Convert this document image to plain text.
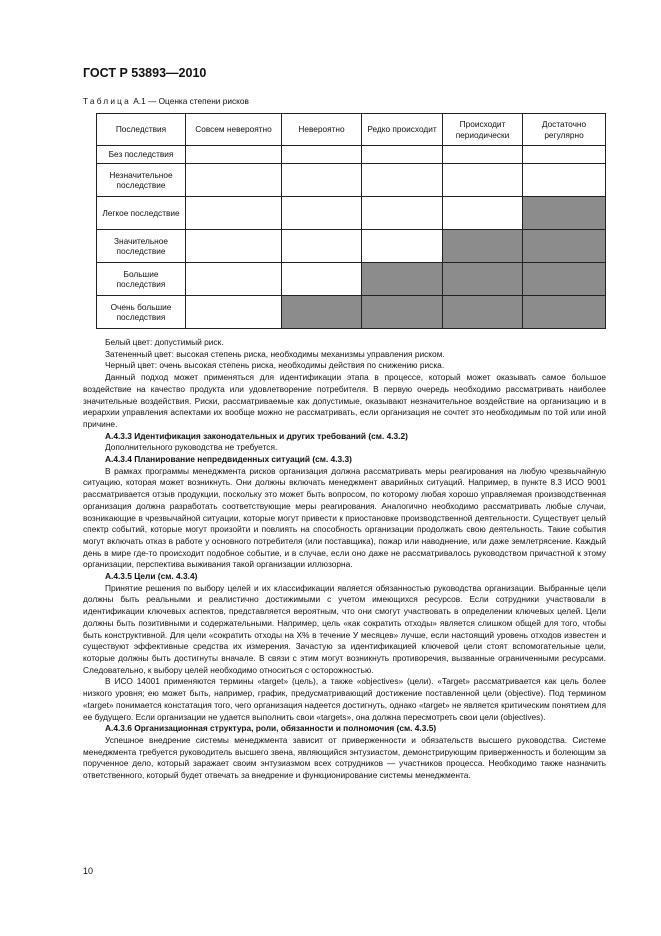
ГОСТ Р 53893—2010
Таблица А.1 — Оценка степени рисков
Последствия	Совсем невероятно	Невероятно	Редко происходит	Происходит периодически	Достаточно регулярно
Без последствия					
Незначительное последствие					
Легкое последствие					
Значительное последствие					
Большие последствия					
Очень большие последствия					

Белый цвет: допустимый риск.

Затененный цвет: высокая степень риска, необходимы механизмы управления риском.

Черный цвет: очень высокая степень риска, необходимы действия по снижению риска.

Данный подход может применяться для идентификации этапа в процессе, который может оказывать самое большое воздействие на качество продукта или удовлетворение потребителя. В первую очередь необходимо рассматривать наиболее значительные воздействия. Риски, рассматриваемые как допустимые, оказывают незначительное воздействие на организацию и в иерархии управления аспектами их вообще можно не рассматривать, если организация не сочтет это необходимым по той или иной причине.

А.4.3.3 Идентификация законодательных и других требований (см. 4.3.2)

Дополнительного руководства не требуется.

А.4.3.4 Планирование непредвиденных ситуаций (см. 4.3.3)

В рамках программы менеджмента рисков организация должна рассматривать меры реагирования на любую чрезвычайную ситуацию, которая может возникнуть. Они должны включать менеджмент аварийных ситуаций. Например, в пункте 8.3 ИСО 9001 рассматривается отзыв продукции, поскольку это может быть вопросом, по которому любая хорошо управляемая производственная организация должна разработать соответствующие меры реагирования. Аналогично необходимо рассматривать любые случаи, возникающие в чрезвычайной ситуации, которые могут привести к приостановке производственной деятельности. Существует целый спектр событий, которые могут произойти и повлиять на способность организации продолжать свою деятельность. Такие события могут включать отказ в работе у основного потребителя (или поставщика), пожар или наводнение, или даже землетрясение. Каждый день в мире где-то происходит подобное событие, и в случае, если оно даже не рассматривалось руководством причастной к этому организации, перспектива выживания такой организации иллюзорна.

А.4.3.5 Цели (см. 4.3.4)

Принятие решения по выбору целей и их классификации является обязанностью руководства организации. Выбранные цели должны быть реальными и реалистично достижимыми с учетом имеющихся ресурсов. Если сотрудники участвовали в идентификации ключевых аспектов, представляется вероятным, что они смогут участвовать в определении ключевых целей. Цели должны быть позитивными и содержательными. Например, цель «как сократить отходы» является слишком общей для того, чтобы быть конструктивной. Для цели «сократить отходы на X% в течение У месяцев» лучше, если настоящий уровень отходов известен и существуют эффективные средства их измерения. Зачастую за идентификацией ключевой цели стоят вспомогательные цели, которые должны быть достигнуты вначале. В связи с этим могут возникнуть противоречия, вызванные ограниченными ресурсами. Следовательно, к выбору целей необходимо относиться с осторожностью.

В ИСО 14001 применяются термины «target» (цель), а также «objectives» (цели). «Target» рассматривается как цель более низкого уровня; ею может быть, например, график, предусматривающий достижение поставленной цели (objective). Под термином «target» понимается констатация того, чего организация надеется достигнуть, однако «target» не является критическим понятием для ее будущего. Если организации не удается выполнить свои «targets», она должна пересмотреть свои цели (objectives).

А.4.3.6 Организационная структура, роли, обязанности и полномочия (см. 4.3.5)

Успешное внедрение системы менеджмента зависит от приверженности и обязательств высшего руководства. Системе менеджмента требуется руководитель высшего звена, являющийся энтузиастом, демонстрирующим приверженность и болеющим за порученное дело, который заражает своим энтузиазмом всех сотрудников — участников процесса. Необходимо также назначить ответственного, который будет отвечать за внедрение и функционирование системы менеджмента.

10
